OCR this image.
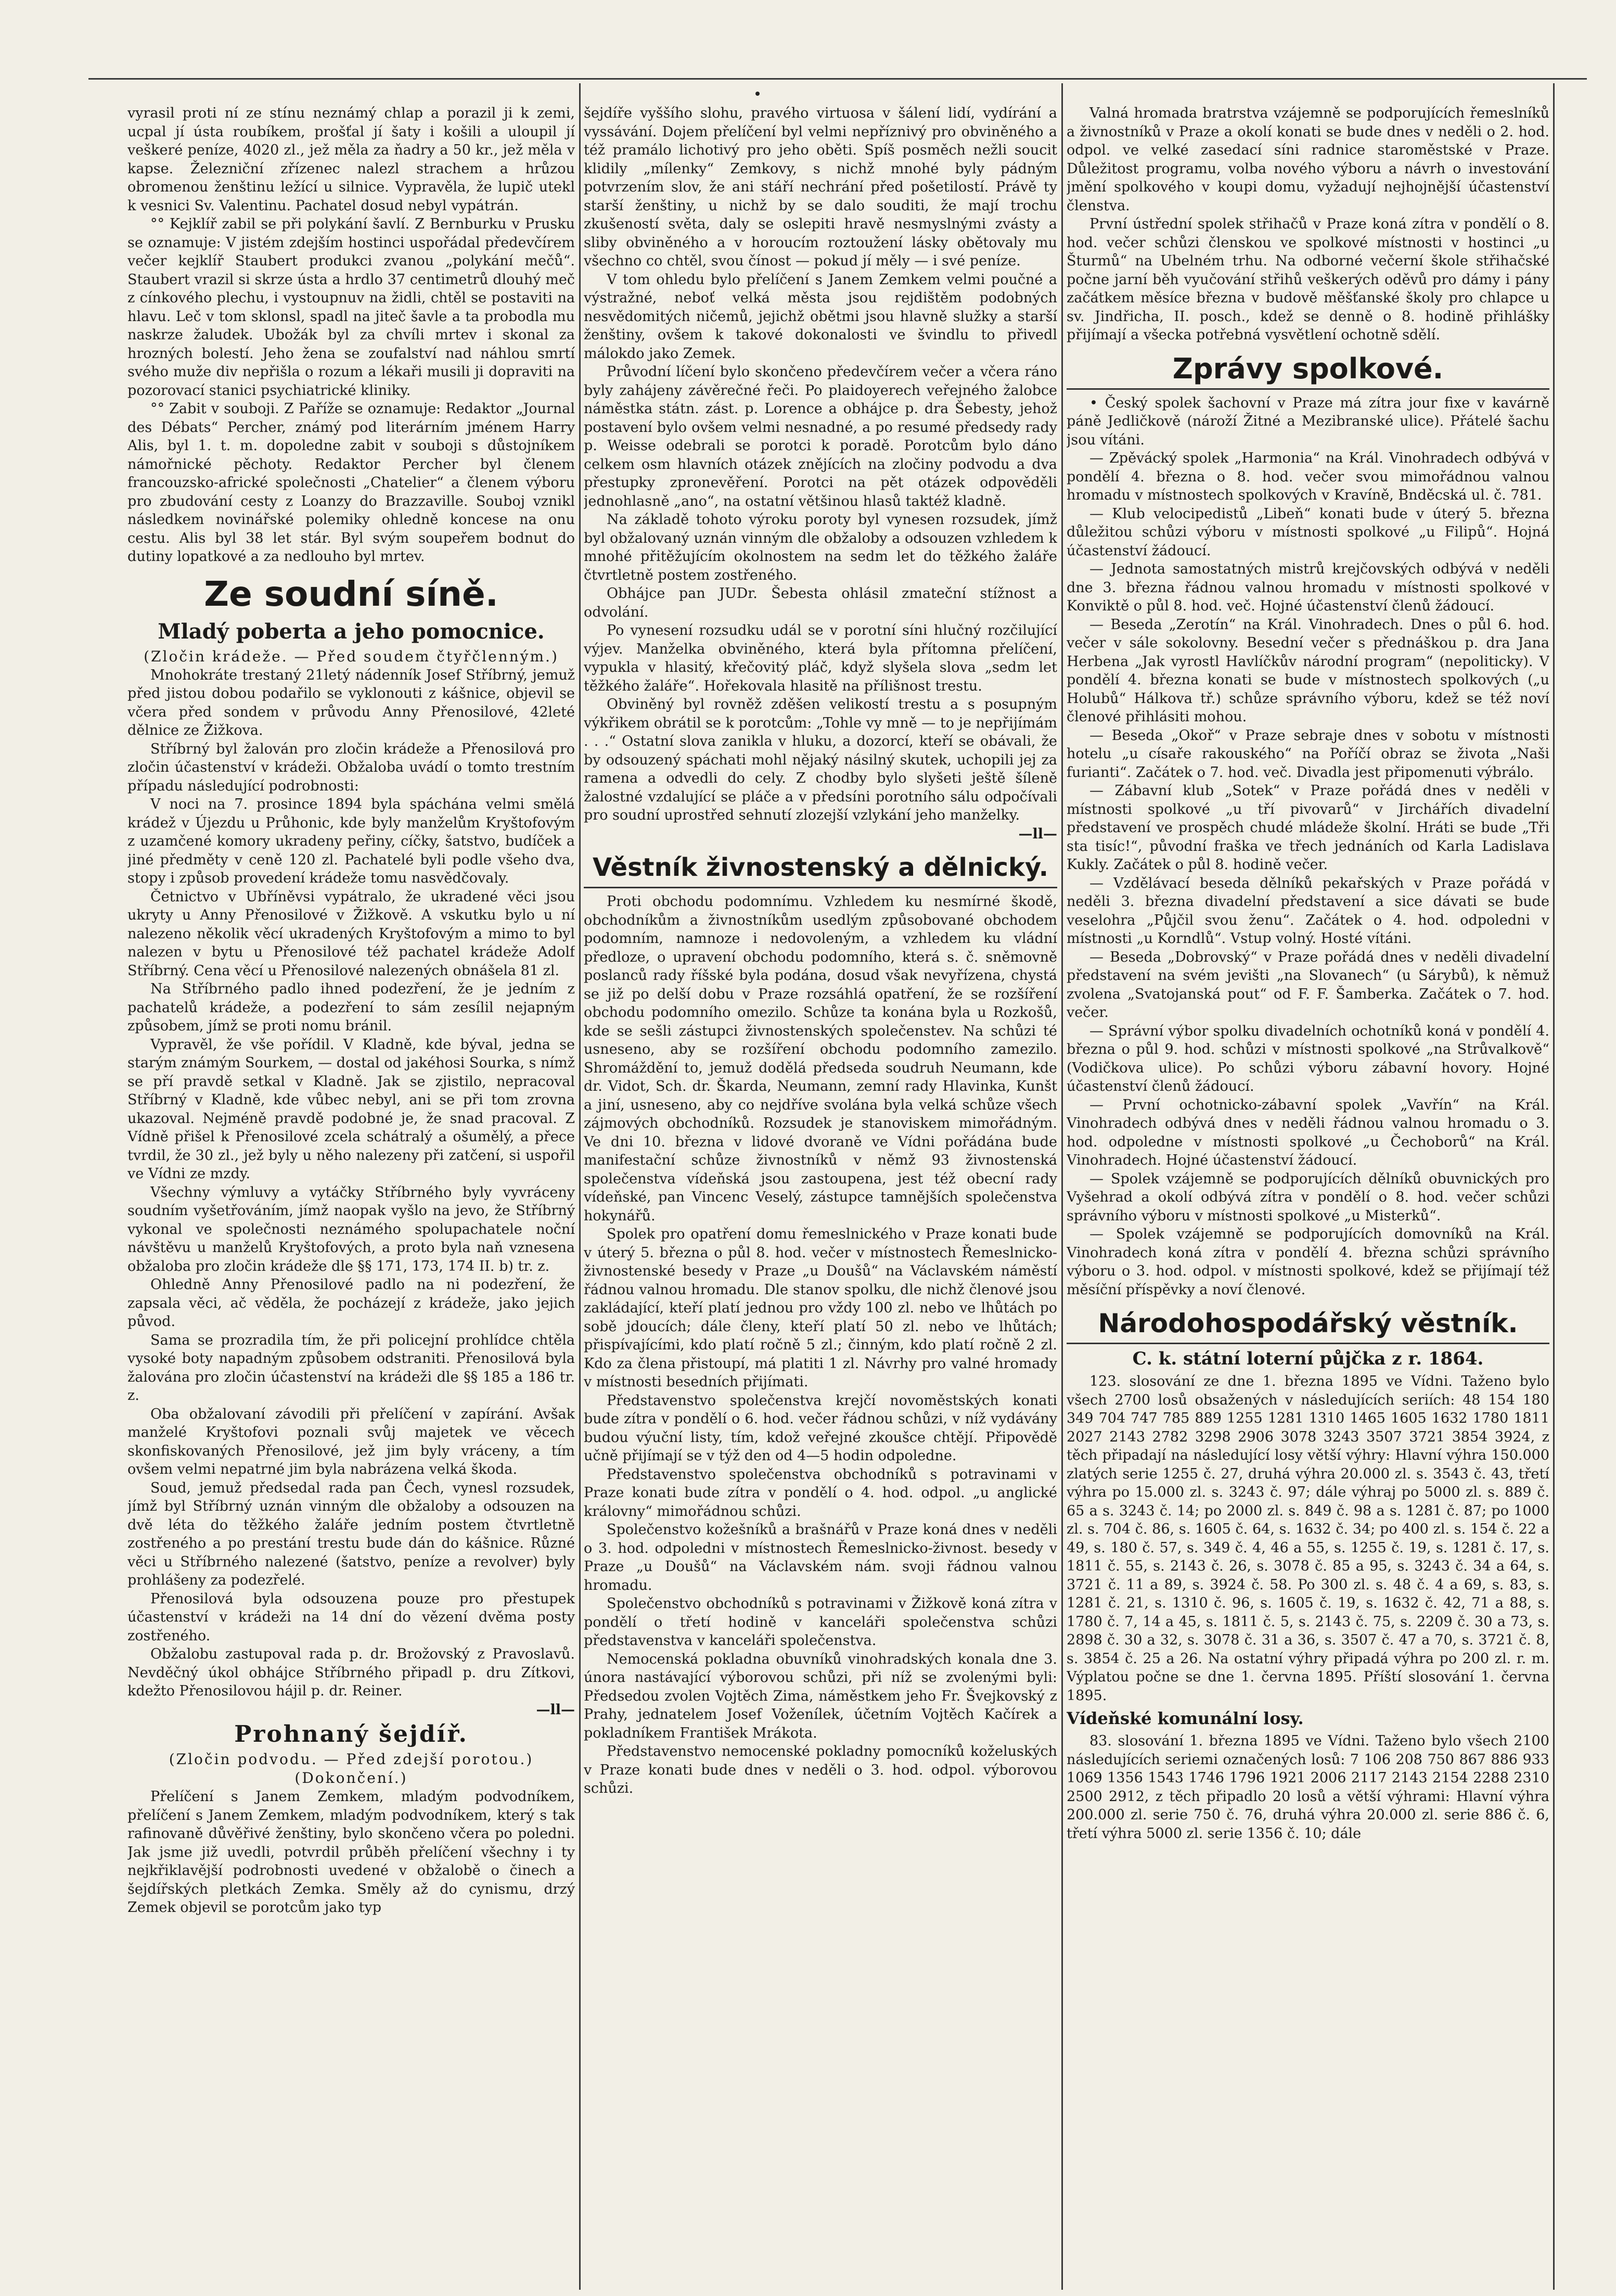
vyrasil proti ní ze stínu neznámý chlap a porazil ji k zemi, ucpal jí ústa roubíkem, prošťal jí šaty i košili a uloupil jí veškeré peníze, 4020 zl., jež měla za ňadry a 50 kr., jež měla v kapse. Železniční zřízenec nalezl strachem a hrůzou obromenou ženštinu ležící u silnice. Vypravěla, že lupič utekl k vesnici Sv. Valentinu. Pachatel dosud nebyl vypátrán.

°° Kejklíř zabil se při polykání šavlí. Z Bernburku v Prusku se oznamuje: V jistém zdejším hostinci uspořádal předevčírem večer kejklíř Staubert produkci zvanou „polykání mečů“. Staubert vrazil si skrze ústa a hrdlo 37 centimetrů dlouhý meč z cínkového plechu, i vystoupnuv na židli, chtěl se postaviti na hlavu. Leč v tom sklonsl, spadl na jiteč šavle a ta probodla mu naskrze žaludek. Ubožák byl za chvíli mrtev i skonal za hrozných bolestí. Jeho žena se zoufalství nad náhlou smrtí svého muže div nepřišla o rozum a lékaři musili ji dopraviti na pozorovací stanici psychiatrické kliniky.

°° Zabit v souboji. Z Paříže se oznamuje: Redaktor „Journal des Débats“ Percher, známý pod literárním jménem Harry Alis, byl 1. t. m. dopoledne zabit v souboji s důstojníkem námořnické pěchoty. Redaktor Percher byl členem francouzsko-africké společnosti „Chatelier“ a členem výboru pro zbudování cesty z Loanzy do Brazzaville. Souboj vznikl následkem novinářské polemiky ohledně koncese na onu cestu. Alis byl 38 let stár. Byl svým soupeřem bodnut do dutiny lopatkové a za nedlouho byl mrtev.

Ze soudní síně.
Mladý poberta a jeho pomocnice.
(Zločin krádeže. — Před soudem čtyřčlenným.)

Mnohokráte trestaný 21letý nádenník Josef Stříbrný, jemuž před jistou dobou podařilo se vyklonouti z kášnice, objevil se včera před sondem v průvodu Anny Přenosilové, 42leté dělnice ze Žižkova.

Stříbrný byl žalován pro zločin krádeže a Přenosilová pro zločin účastenství v krádeži. Obžaloba uvádí o tomto trestním případu následující podrobnosti:

V noci na 7. prosince 1894 byla spáchána velmi smělá krádež v Újezdu u Průhonic, kde byly manželům Kryštofovým z uzamčené komory ukradeny peřiny, cíčky, šatstvo, budíček a jiné předměty v ceně 120 zl. Pachatelé byli podle všeho dva, stopy i způsob provedení krádeže tomu nasvědčovaly.

Četnictvo v Ubříněvsi vypátralo, že ukradené věci jsou ukryty u Anny Přenosilové v Žižkově. A vskutku bylo u ní nalezeno několik věcí ukradených Kryštofovým a mimo to byl nalezen v bytu u Přenosilové též pachatel krádeže Adolf Stříbrný. Cena věcí u Přenosilové nalezených obnášela 81 zl.

Na Stříbrného padlo ihned podezření, že je jedním z pachatelů krádeže, a podezření to sám zesílil nejapným způsobem, jímž se proti nomu bránil.

Vypravěl, že vše pořídil. V Kladně, kde býval, jedna se starým známým Sourkem, — dostal od jakéhosi Sourka, s nímž se pří pravdě setkal v Kladně. Jak se zjistilo, nepracoval Stříbrný v Kladně, kde vůbec nebyl, ani se při tom zrovna ukazoval. Nejméně pravdě podobné je, že snad pracoval. Z Vídně přišel k Přenosilové zcela schátralý a ošumělý, a přece tvrdil, že 30 zl., jež byly u něho nalezeny při zatčení, si uspořil ve Vídni ze mzdy.

Všechny výmluvy a vytáčky Stříbrného byly vyvráceny soudním vyšetřováním, jímž naopak vyšlo na jevo, že Stříbrný vykonal ve společnosti neznámého spolupachatele noční návštěvu u manželů Kryštofových, a proto byla naň vznesena obžaloba pro zločin krádeže dle §§ 171, 173, 174 II. b) tr. z.

Ohledně Anny Přenosilové padlo na ni podezření, že zapsala věci, ač věděla, že pocházejí z krádeže, jako jejich původ.

Sama se prozradila tím, že při policejní prohlídce chtěla vysoké boty napadným způsobem odstraniti. Přenosilová byla žalována pro zločin účastenství na krádeži dle §§ 185 a 186 tr. z.

Oba obžalovaní závodili při přelíčení v zapírání. Avšak manželé Kryštofovi poznali svůj majetek ve věcech skonfiskovaných Přenosilové, jež jim byly vráceny, a tím ovšem velmi nepatrné jim byla nabrázena velká škoda.

Soud, jemuž předsedal rada pan Čech, vynesl rozsudek, jímž byl Stříbrný uznán vinným dle obžaloby a odsouzen na dvě léta do těžkého žaláře jedním postem čtvrtletně zostřeného a po prestání trestu bude dán do kášnice. Různé věci u Stříbrného nalezené (šatstvo, peníze a revolver) byly prohlášeny za podezřelé.

Přenosilová byla odsouzena pouze pro přestupek účastenství v krádeži na 14 dní do vězení dvěma posty zostřeného.

Obžalobu zastupoval rada p. dr. Brožovský z Pravoslavů. Nevděčný úkol obhájce Stříbrného připadl p. dru Zítkovi, kdežto Přenosilovou hájil p. dr. Reiner.

—ll—
Prohnaný šejdíř.
(Zločin podvodu. — Před zdejší porotou.)
(Dokončení.)

Přelíčení s Janem Zemkem, mladým podvodníkem, přelíčení s Janem Zemkem, mladým podvodníkem, který s tak rafinovaně důvěřivé ženštiny, bylo skončeno včera po poledni. Jak jsme již uvedli, potvrdil průběh přelíčení všechny i ty nejkřiklavější podrobnosti uvedené v obžalobě o činech a šejdířských pletkách Zemka. Směly až do cynismu, drzý Zemek objevil se porotcům jako typ

šejdíře vyššího slohu, pravého virtuosa v šálení lidí, vydírání a vyssávání. Dojem přelíčení byl velmi nepříznivý pro obviněného a též pramálo lichotivý pro jeho oběti. Spíš posměch nežli soucit klidily „mílenky“ Zemkovy, s nichž mnohé byly pádným potvrzením slov, že ani stáří nechrání před pošetilostí. Právě ty starší ženštiny, u nichž by se dalo souditi, že mají trochu zkušeností světa, daly se oslepiti hravě nesmyslnými zvásty a sliby obviněného a v horoucím roztoužení lásky obětovaly mu všechno co chtěl, svou čínost — pokud jí měly — i své peníze.

V tom ohledu bylo přelíčení s Janem Zemkem velmi poučné a výstražné, neboť velká města jsou rejdištěm podobných nesvědomitých ničemů, jejichž obětmi jsou hlavně služky a starší ženštiny, ovšem k takové dokonalosti ve švindlu to přivedl málokdo jako Zemek.

Průvodní líčení bylo skončeno předevčírem večer a včera ráno byly zahájeny závěrečné řeči. Po plaidoyerech veřejného žalobce náměstka státn. zást. p. Lorence a obhájce p. dra Šebesty, jehož postavení bylo ovšem velmi nesnadné, a po resumé předsedy rady p. Weisse odebrali se porotci k poradě. Porotcům bylo dáno celkem osm hlavních otázek znějících na zločiny podvodu a dva přestupky zpronevěření. Porotci na pět otázek odpověděli jednohlasně „ano“, na ostatní většinou hlasů taktéž kladně.

Na základě tohoto výroku poroty byl vynesen rozsudek, jímž byl obžalovaný uznán vinným dle obžaloby a odsouzen vzhledem k mnohé přitěžujícím okolnostem na sedm let do těžkého žaláře čtvrtletně postem zostřeného.

Obhájce pan JUDr. Šebesta ohlásil zmateční stížnost a odvolání.

Po vynesení rozsudku udál se v porotní síni hlučný rozčilující výjev. Manželka obviněného, která byla přítomna přelíčení, vypukla v hlasitý, křečovitý pláč, když slyšela slova „sedm let těžkého žaláře“. Hořekovala hlasitě na přílišnost trestu.

Obviněný byl rovněž zděšen velikostí trestu a s posupným výkřikem obrátil se k porotcům: „Tohle vy mně — to je nepřijímám . . .“ Ostatní slova zanikla v hluku, a dozorcí, kteří se obávali, že by odsouzený spáchati mohl nějaký násilný skutek, uchopili jej za ramena a odvedli do cely. Z chodby bylo slyšeti ještě šíleně žalostné vzdalující se pláče a v předsíni porotního sálu odpočívali pro soudní uprostřed sehnutí zlozejší vzlykání jeho manželky.

—ll—
Věstník živnostenský a dělnický.

Proti obchodu podomnímu. Vzhledem ku nesmírné škodě, obchodníkům a živnostníkům usedlým způsobované obchodem podomním, namnoze i nedovoleným, a vzhledem ku vládní předloze, o upravení obchodu podomního, která s. č. sněmovně poslanců rady říšské byla podána, dosud však nevyřízena, chystá se již po delší dobu v Praze rozsáhlá opatření, že se rozšíření obchodu podomního omezilo. Schůze ta konána byla u Rozkošů, kde se sešli zástupci živnostenských společenstev. Na schůzi té usneseno, aby se rozšíření obchodu podomního zamezilo. Shromáždění to, jemuž dodělá předseda soudruh Neumann, kde dr. Vidot, Sch. dr. Škarda, Neumann, zemní rady Hlavinka, Kunšt a jiní, usneseno, aby co nejdříve svolána byla velká schůze všech zájmových obchodníků. Rozsudek je stanoviskem mimořádným. Ve dni 10. března v lidové dvoraně ve Vídni pořádána bude manifestační schůze živnostníků v němž 93 živnostenská společenstva vídeňská jsou zastoupena, jest též obecní rady vídeňské, pan Vincenc Veselý, zástupce tamnějších společenstva hokynářů.

Spolek pro opatření domu řemeslnického v Praze konati bude v úterý 5. března o půl 8. hod. večer v místnostech Řemeslnicko-živnostenské besedy v Praze „u Doušů“ na Václavském náměstí řádnou valnou hromadu. Dle stanov spolku, dle nichž členové jsou zakládající, kteří platí jednou pro vždy 100 zl. nebo ve lhůtách po sobě jdoucích; dále členy, kteří platí 50 zl. nebo ve lhůtách; přispívajícími, kdo platí ročně 5 zl.; činným, kdo platí ročně 2 zl. Kdo za člena přistoupí, má platiti 1 zl. Návrhy pro valné hromady v místnosti besedních přijímati.

Představenstvo společenstva krejčí novoměstských konati bude zítra v pondělí o 6. hod. večer řádnou schůzi, v níž vydávány budou výuční listy, tím, kdož veřejné zkoušce chtějí. Připovědě učně přijímají se v týž den od 4—5 hodin odpoledne.

Představenstvo společenstva obchodníků s potravinami v Praze konati bude zítra v pondělí o 4. hod. odpol. „u anglické královny“ mimořádnou schůzi.

Společenstvo kožešníků a brašnářů v Praze koná dnes v neděli o 3. hod. odpoledni v místnostech Řemeslnicko-živnost. besedy v Praze „u Doušů“ na Václavském nám. svoji řádnou valnou hromadu.

Společenstvo obchodníků s potravinami v Žižkově koná zítra v pondělí o třetí hodině v kanceláři společenstva schůzi představenstva v kanceláři společenstva.

Nemocenská pokladna obuvníků vinohradských konala dne 3. února nastávající výborovou schůzi, při níž se zvolenými byli: Předsedou zvolen Vojtěch Zima, náměstkem jeho Fr. Švejkovský z Prahy, jednatelem Josef Voženílek, účetním Vojtěch Kačírek a pokladníkem František Mrákota.

Představenstvo nemocenské pokladny pomocníků koželuských v Praze konati bude dnes v neděli o 3. hod. odpol. výborovou schůzi.

Valná hromada bratrstva vzájemně se podporujících řemeslníků a živnostníků v Praze a okolí konati se bude dnes v neděli o 2. hod. odpol. ve velké zasedací síni radnice staroměstské v Praze. Důležitost programu, volba nového výboru a návrh o investování jmění spolkového v koupi domu, vyžadují nejhojnější účastenství členstva.

První ústřední spolek střihačů v Praze koná zítra v pondělí o 8. hod. večer schůzi členskou ve spolkové místnosti v hostinci „u Šturmů“ na Ubelném trhu. Na odborné večerní škole střihačské počne jarní běh vyučování střihů veškerých oděvů pro dámy i pány začátkem měsíce března v budově měšťanské školy pro chlapce u sv. Jindřicha, II. posch., kdež se denně o 8. hodině přihlášky přijímají a všecka potřebná vysvětlení ochotně sdělí.

Zprávy spolkové.

• Český spolek šachovní v Praze má zítra jour fixe v kavárně páně Jedličkově (nároží Žitné a Mezibranské ulice). Přátelé šachu jsou vítáni.

— Zpěvácký spolek „Harmonia“ na Král. Vinohradech odbývá v pondělí 4. března o 8. hod. večer svou mimořádnou valnou hromadu v místnostech spolkových v Kravíně, Bnděcská ul. č. 781.

— Klub velocipedistů „Libeň“ konati bude v úterý 5. března důležitou schůzi výboru v místnosti spolkové „u Filipů“. Hojná účastenství žádoucí.

— Jednota samostatných mistrů krejčovských odbývá v neděli dne 3. března řádnou valnou hromadu v místnosti spolkové v Konviktě o půl 8. hod. več. Hojné účastenství členů žádoucí.

— Beseda „Zerotín“ na Král. Vinohradech. Dnes o půl 6. hod. večer v sále sokolovny. Besední večer s přednáškou p. dra Jana Herbena „Jak vyrostl Havlíčkův národní program“ (nepoliticky). V pondělí 4. března konati se bude v místnostech spolkových („u Holubů“ Hálkova tř.) schůze správního výboru, kdež se též noví členové přihlásiti mohou.

— Beseda „Okoř“ v Praze sebraje dnes v sobotu v místnosti hotelu „u císaře rakouského“ na Poříčí obraz se života „Naši furianti“. Začátek o 7. hod. več. Divadla jest připomenuti výbrálo.

— Zábavní klub „Sotek“ v Praze pořádá dnes v neděli v místnosti spolkové „u tří pivovarů“ v Jirchářích divadelní představení ve prospěch chudé mládeže školní. Hráti se bude „Tři sta tisíc!“, původní fraška ve třech jednáních od Karla Ladislava Kukly. Začátek o půl 8. hodině večer.

— Vzdělávací beseda dělníků pekařských v Praze pořádá v neděli 3. března divadelní představení a sice dávati se bude veselohra „Půjčil svou ženu“. Začátek o 4. hod. odpoledni v místnosti „u Korndlů“. Vstup volný. Hosté vítáni.

— Beseda „Dobrovský“ v Praze pořádá dnes v neděli divadelní představení na svém jevišti „na Slovanech“ (u Sárybů), k němuž zvolena „Svatojanská pout“ od F. F. Šamberka. Začátek o 7. hod. večer.

— Správní výbor spolku divadelních ochotníků koná v pondělí 4. března o půl 9. hod. schůzi v místnosti spolkové „na Strůvalkově“ (Vodičkova ulice). Po schůzi výboru zábavní hovory. Hojné účastenství členů žádoucí.

— První ochotnicko-zábavní spolek „Vavřín“ na Král. Vinohradech odbývá dnes v neděli řádnou valnou hromadu o 3. hod. odpoledne v místnosti spolkové „u Čechoborů“ na Král. Vinohradech. Hojné účastenství žádoucí.

— Spolek vzájemně se podporujících dělníků obuvnických pro Vyšehrad a okolí odbývá zítra v pondělí o 8. hod. večer schůzi správního výboru v místnosti spolkové „u Misterků“.

— Spolek vzájemně se podporujících domovníků na Král. Vinohradech koná zítra v pondělí 4. března schůzi správního výboru o 3. hod. odpol. v místnosti spolkové, kdež se přijímají též měsíční příspěvky a noví členové.

Národohospodářský věstník.
C. k. státní loterní půjčka z r. 1864.

123. slosování ze dne 1. března 1895 ve Vídni. Taženo bylo všech 2700 losů obsažených v následujících seriích: 48 154 180 349 704 747 785 889 1255 1281 1310 1465 1605 1632 1780 1811 2027 2143 2782 3298 2906 3078 3243 3507 3721 3854 3924, z těch připadají na následující losy větší výhry: Hlavní výhra 150.000 zlatých serie 1255 č. 27, druhá výhra 20.000 zl. s. 3543 č. 43, třetí výhra po 15.000 zl. s. 3243 č. 97; dále výhraj po 5000 zl. s. 889 č. 65 a s. 3243 č. 14; po 2000 zl. s. 849 č. 98 a s. 1281 č. 87; po 1000 zl. s. 704 č. 86, s. 1605 č. 64, s. 1632 č. 34; po 400 zl. s. 154 č. 22 a 49, s. 180 č. 57, s. 349 č. 4, 46 a 55, s. 1255 č. 19, s. 1281 č. 17, s. 1811 č. 55, s. 2143 č. 26, s. 3078 č. 85 a 95, s. 3243 č. 34 a 64, s. 3721 č. 11 a 89, s. 3924 č. 58. Po 300 zl. s. 48 č. 4 a 69, s. 83, s. 1281 č. 21, s. 1310 č. 96, s. 1605 č. 19, s. 1632 č. 42, 71 a 88, s. 1780 č. 7, 14 a 45, s. 1811 č. 5, s. 2143 č. 75, s. 2209 č. 30 a 73, s. 2898 č. 30 a 32, s. 3078 č. 31 a 36, s. 3507 č. 47 a 70, s. 3721 č. 8, s. 3854 č. 25 a 26. Na ostatní výhry připadá výhra po 200 zl. r. m. Výplatou počne se dne 1. června 1895. Příští slosování 1. června 1895.

Vídeňské komunální losy.

83. slosování 1. března 1895 ve Vídni. Taženo bylo všech 2100 následujících seriemi označených losů: 7 106 208 750 867 886 933 1069 1356 1543 1746 1796 1921 2006 2117 2143 2154 2288 2310 2500 2912, z těch připadlo 20 losů a větší výhrami: Hlavní výhra 200.000 zl. serie 750 č. 76, druhá výhra 20.000 zl. serie 886 č. 6, třetí výhra 5000 zl. serie 1356 č. 10; dále
